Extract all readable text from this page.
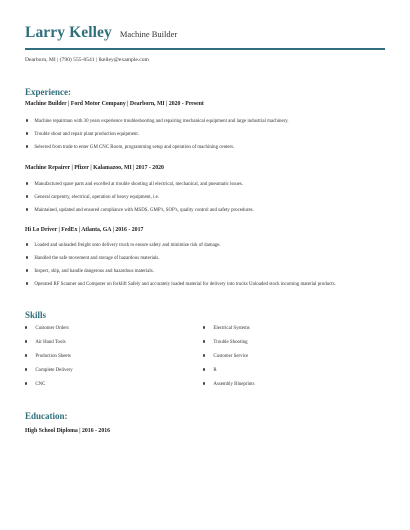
Larry Kelley Machine Builder
Dearborn, MI | (790) 555-0541 | lkelley@example.com
Experience:
Machine Builder | Ford Motor Company | Dearborn, MI | 2020 - Present
Machine repairman with 30 years experience troubleshooting and repairing mechanical equipment and large industrial machinery.
Trouble shoot and repair plant production equipment.
Selected from trade to enter GM CNC Room, programming setup and operation of machining centers.
Machine Repairer | Pfizer | Kalamazoo, MI | 2017 - 2020
Manufactured spare parts and excelled at trouble shooting all electrical, mechanical, and pneumatic issues.
General carpentry, electrical, operation of heavy equipment, i.e.
Maintained, updated and ensured compliance with MSDS, GMP's, SOP's, quality control and safety procedures.
Hi Lo Driver | FedEx | Atlanta, GA | 2016 - 2017
Loaded and unloaded freight onto delivery truck to ensure safety and minimize risk of damage.
Handled the safe movement and storage of hazardous materials.
Inspect, ship, and handle dangerous and hazardous materials.
Operated RF Scanner and Computer on forklift Safely and accurately loaded material for delivery into trucks Unloaded stock incoming material products.
Skills
Customer Orders
Air Hand Tools
Production Sheets
Complete Delivery
CNC
Electrical Systems
Trouble Shooting
Customer Service
R
Assembly Blueprints
Education:
High School Diploma | 2016 - 2016
